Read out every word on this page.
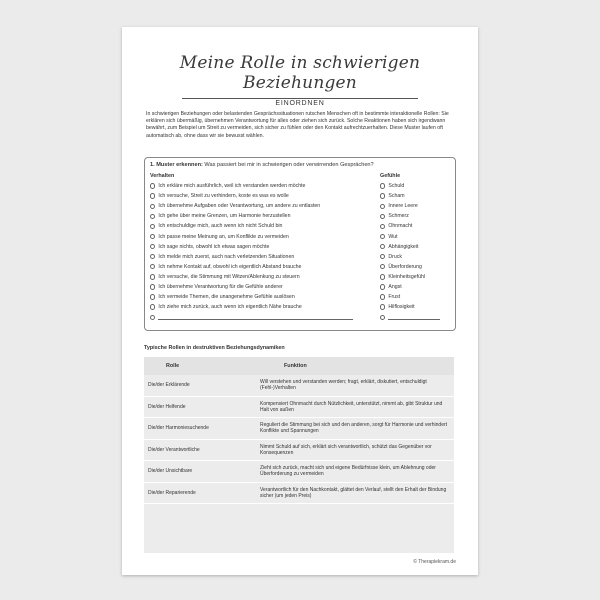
Meine Rolle in schwierigen Beziehungen
EINORDNEN
In schwierigen Beziehungen oder belastenden Gesprächssituationen rutschen Menschen oft in bestimmte interaktionelle Rollen: Sie erklären sich übermäßig, übernehmen Verantwortung für alles oder ziehen sich zurück. Solche Reaktionen haben sich irgendwann bewährt, zum Beispiel um Streit zu vermeiden, sich sicher zu fühlen oder den Kontakt aufrechtzuerhalten. Diese Muster laufen oft automatisch ab, ohne dass wir sie bewusst wählen.
1. Muster erkennen: Was passiert bei mir in schwierigen oder verwirrenden Gesprächen?
Verhalten	Gefühle
Ich erkläre mich ausführlich, weil ich verstanden werden möchte
Ich versuche, Streit zu verhindern, koste es was es wolle
Ich übernehme Aufgaben oder Verantwortung, um andere zu entlasten
Ich gehe über meine Grenzen, um Harmonie herzustellen
Ich entschuldige mich, auch wenn ich nicht Schuld bin
Ich passe meine Meinung an, um Konflikte zu vermeiden
Ich sage nichts, obwohl ich etwas sagen möchte
Ich melde mich zuerst, auch nach verletzenden Situationen
Ich nehme Kontakt auf, obwohl ich eigentlich Abstand brauche
Ich versuche, die Stimmung mit Witzen/Ablenkung zu steuern
Ich übernehme Verantwortung für die Gefühle anderer
Ich vermeide Themen, die unangenehme Gefühle auslösen
Ich ziehe mich zurück, auch wenn ich eigentlich Nähe brauche
Schuld
Scham
Innere Leere
Schmerz
Ohnmacht
Wut
Abhängigkeit
Druck
Überforderung
Kleinheitsgefühl
Angst
Frust
Hilflosigkeit
Typische Rollen in destruktiven Beziehungsdynamiken
Rolle	Funktion
Die/der Erklärende
Will verstehen und verstanden werden; fragt, erklärt, diskutiert, entschuldigt (Fehl-)Verhalten
Die/der Helfende
Kompensiert Ohnmacht durch Nützlichkeit, unterstützt, nimmt ab, gibt Struktur und Halt von außen
Die/der Harmoniesuchende
Reguliert die Stimmung bei sich und den anderen, sorgt für Harmonie und verhindert Konflikte und Spannungen
Die/der Verantwortliche
Nimmt Schuld auf sich, erklärt sich verantwortlich, schützt das Gegenüber vor Konsequenzen
Die/der Unsichtbare
Zieht sich zurück, macht sich und eigene Bedürfnisse klein, um Ablehnung oder Überforderung zu vermeiden
Die/der Reparierende
Verantwortlich für den Nachkontakt, glättet den Verlauf, stellt den Erhalt der Bindung sicher (um jeden Preis)
© Therapiekram.de
